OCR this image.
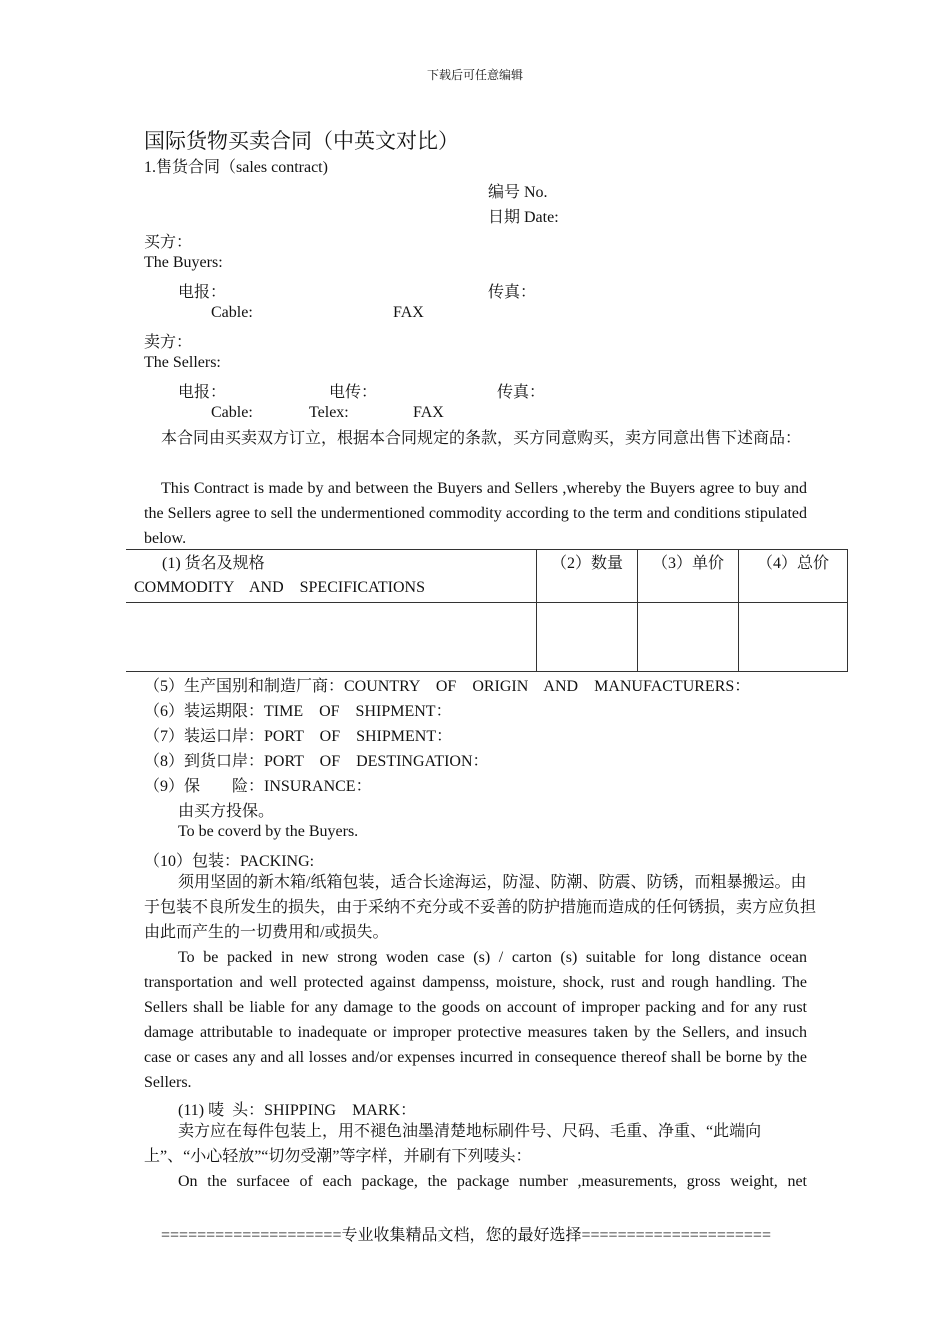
下载后可任意编辑
国际货物买卖合同（中英文对比）
1.售货合同（sales contract)
编号 No.
日期 Date:
买方：
The Buyers:
电报：	传真：
Cable:	FAX
卖方：
The Sellers:
电报：	电传：	传真：
Cable:	Telex:	FAX
本合同由买卖双方订立，根据本合同规定的条款，买方同意购买，卖方同意出售下述商品：
This Contract is made by and between the Buyers and Sellers ,whereby the Buyers agree to buy and the Sellers agree to sell the undermentioned commodity according to the term and conditions stipulated below.
(1) 货名及规格
COMMODITY    AND    SPECIFICATIONS	（2）数量	（3）单价	（4）总价

（5）生产国别和制造厂商：COUNTRY    OF    ORIGIN    AND    MANUFACTURERS：
（6）装运期限：TIME    OF    SHIPMENT：
（7）装运口岸：PORT    OF    SHIPMENT：
（8）到货口岸：PORT    OF    DESTINGATION：
（9）保        险：INSURANCE：
由买方投保。
To be coverd by the Buyers.
（10）包装：PACKING:
须用坚固的新木箱/纸箱包装，适合长途海运，防湿、防潮、防震、防锈，而粗暴搬运。由于包装不良所发生的损失，由于采纳不充分或不妥善的防护措施而造成的任何锈损，卖方应负担由此而产生的一切费用和/或损失。
To be packed in new strong woden case (s) / carton (s) suitable for long distance ocean transportation and well protected against dampenss, moisture, shock, rust and rough handling. The Sellers shall be liable for any damage to the goods on account of improper packing and for any rust damage attributable to inadequate or improper protective measures taken by the Sellers, and insuch case or cases any and all losses and/or expenses incurred in consequence thereof shall be borne by the Sellers.
(11) 唛  头：SHIPPING    MARK：
卖方应在每件包装上，用不褪色油墨清楚地标刷件号、尺码、毛重、净重、“此端向上”、“小心轻放”“切勿受潮”等字样，并刷有下列唛头：
On the surfacee of each package, the package number ,measurements, gross weight, net
====================专业收集精品文档，您的最好选择=====================
